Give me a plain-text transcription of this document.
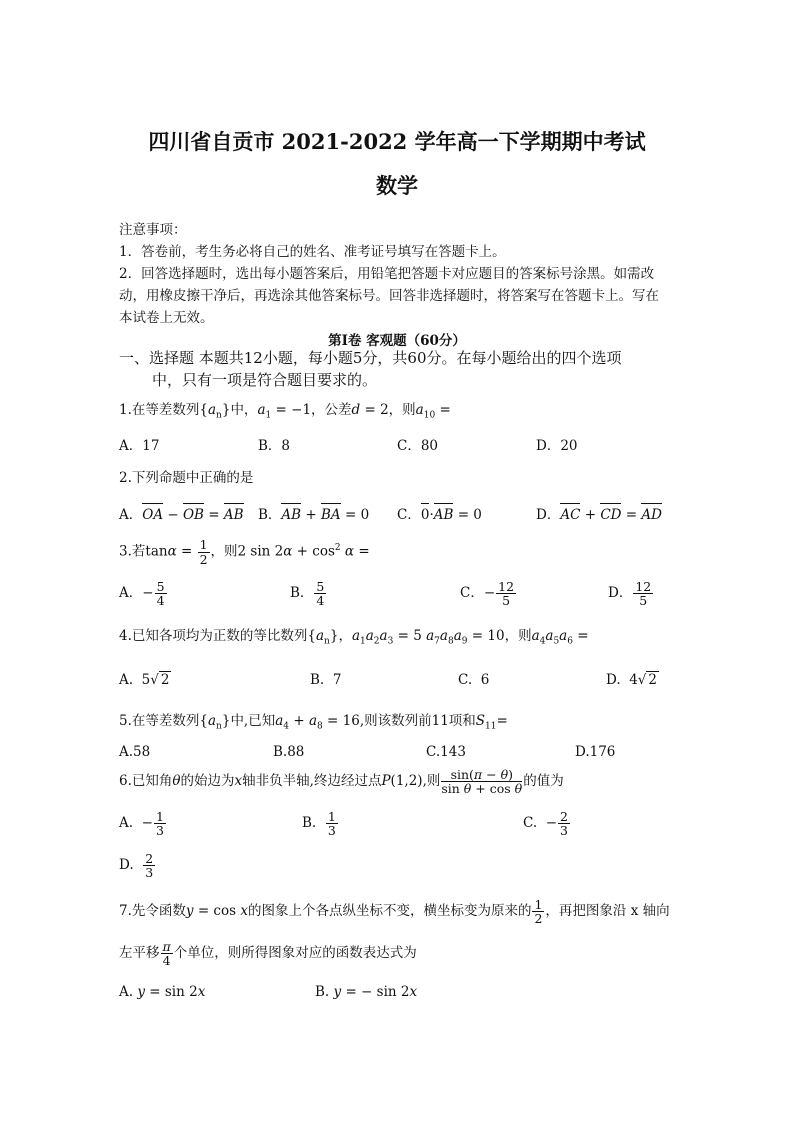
四川省自贡市 2021-2022 学年高一下学期期中考试
数学
注意事项：
1．答卷前，考生务必将自己的姓名、准考证号填写在答题卡上。
2．回答选择题时，选出每小题答案后，用铅笔把答题卡对应题目的答案标号涂黑。如需改
动，用橡皮擦干净后，再选涂其他答案标号。回答非选择题时，将答案写在答题卡上。写在
本试卷上无效。
第Ⅰ卷 客观题（60分）
一、选择题 本题共12小题，每小题5分，共60分。在每小题给出的四个选项
中，只有一项是符合题目要求的。
1.在等差数列$\{a_n\}$中，$a_1 = -1$，公差d = 2，则$a_{10}$ =
A．17	B．8	C．80	D．20
2.下列命题中正确的是
A．OA − OB = AB B．AB + BA = 0 C．0·AB = 0	D．AC + CD = AD
3.若$\tan\alpha = \frac{1}{2}$ ，则2 $\sin 2\alpha + \cos^2 \alpha$ =
A．− $\frac{5}{4}$	B． $\frac{5}{4}$	C．− $\frac{12}{5}$	D． $\frac{12}{5}$
4.已知各项均为正数的等比数列$\{a_n\}$，$a_1a_2a_3 = 5$ $a_7a_8a_9 = 10$，则$a_4a_5a_6$ =
A.  5√ 2	B. 7	C. 6	D.  4√ 2
5.在等差数列$\{a_n\}$中,已知$a_4 + a_8 = 16$,则该数列前11项和$S_{11}=$
A.58	B.88	C.143	D.176
6.已知角θ的始边为x轴非负半轴,终边经过点P(1,2),则 $\frac{\sin(\pi - \theta)}{\text{sin θ + cos θ}}$ 的值为
A.  − $\frac{1}{3}$	B. $\frac{1}{3}$	C.  − $\frac{2}{3}$
D. $\frac{2}{3}$
7.先令函数y = cos x的图象上个各点纵坐标不变，横坐标变为原来的 $\frac{1}{2}$ ，再把图象沿 x 轴向
左平移 $\frac{\pi}{4}$ 个单位，则所得图象对应的函数表达式为
A. y = sin 2x	B. y = − sin 2x
